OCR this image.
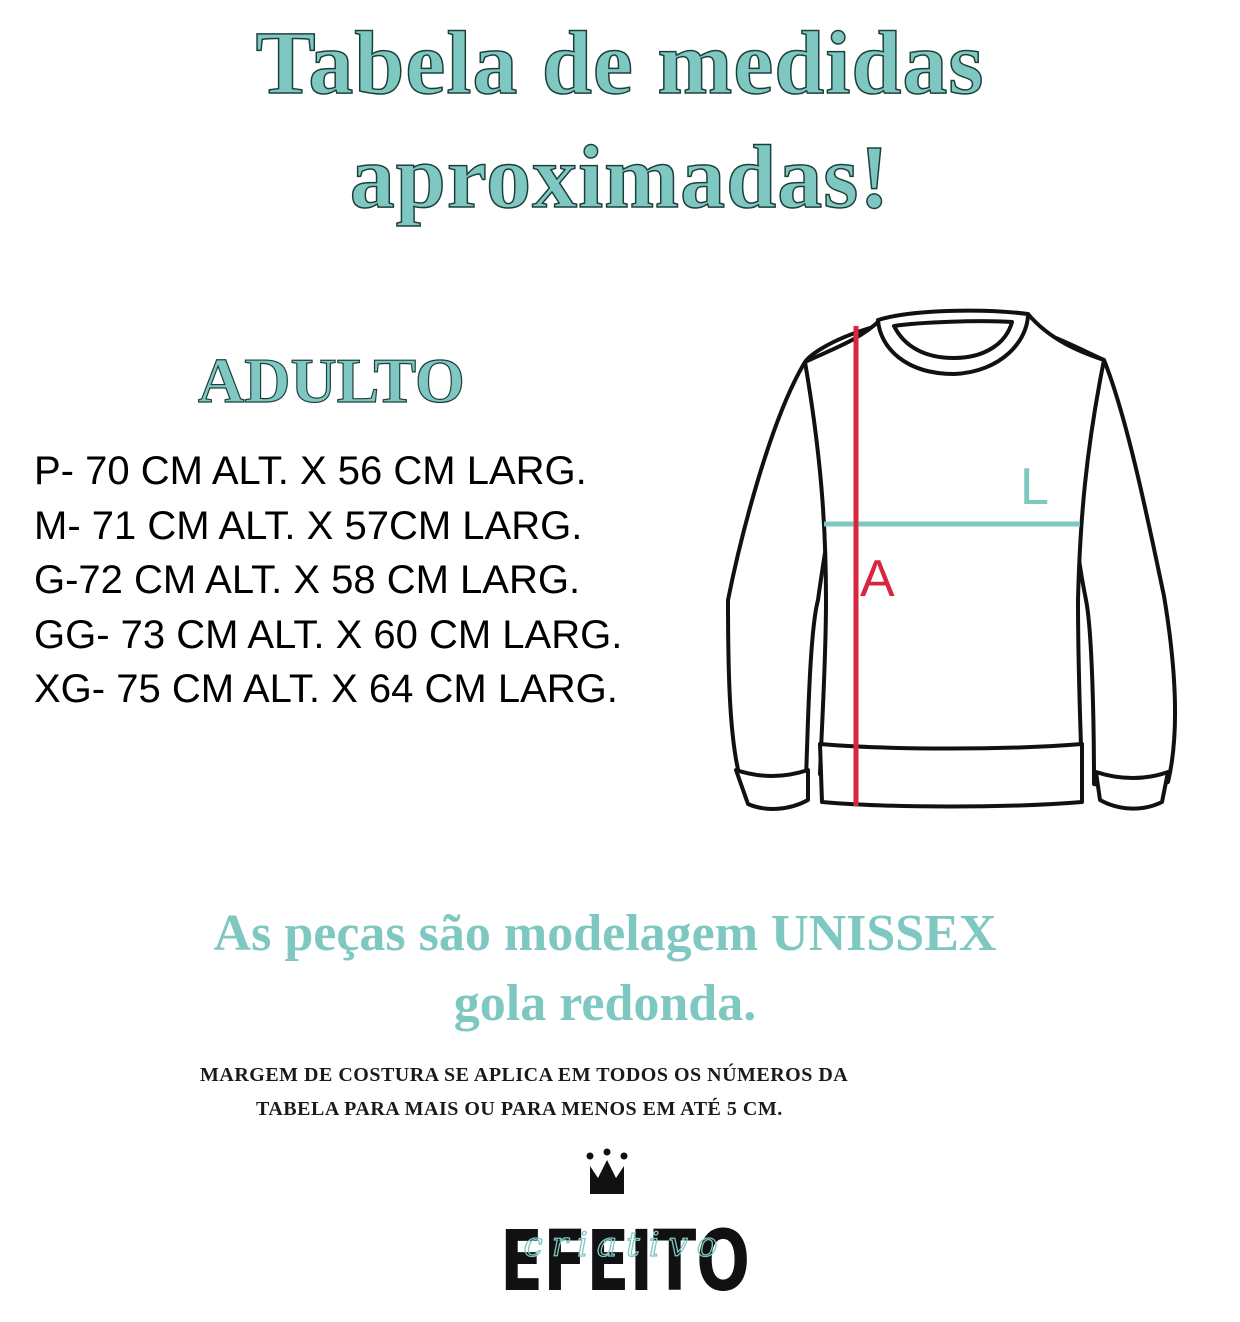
Tabela de medidas
aproximadas!
ADULTO
P- 70 CM ALT. X 56 CM LARG.
M- 71 CM ALT. X 57CM LARG.
G-72 CM ALT. X 58 CM LARG.
GG- 73 CM ALT. X 60 CM LARG.
XG- 75 CM ALT. X 64 CM LARG.
L
A
As peças são modelagem UNISSEX
gola redonda.
MARGEM DE COSTURA SE APLICA EM TODOS OS NÚMEROS DA
TABELA PARA MAIS OU PARA MENOS EM ATÉ 5 CM.
EFEITO
criativo
